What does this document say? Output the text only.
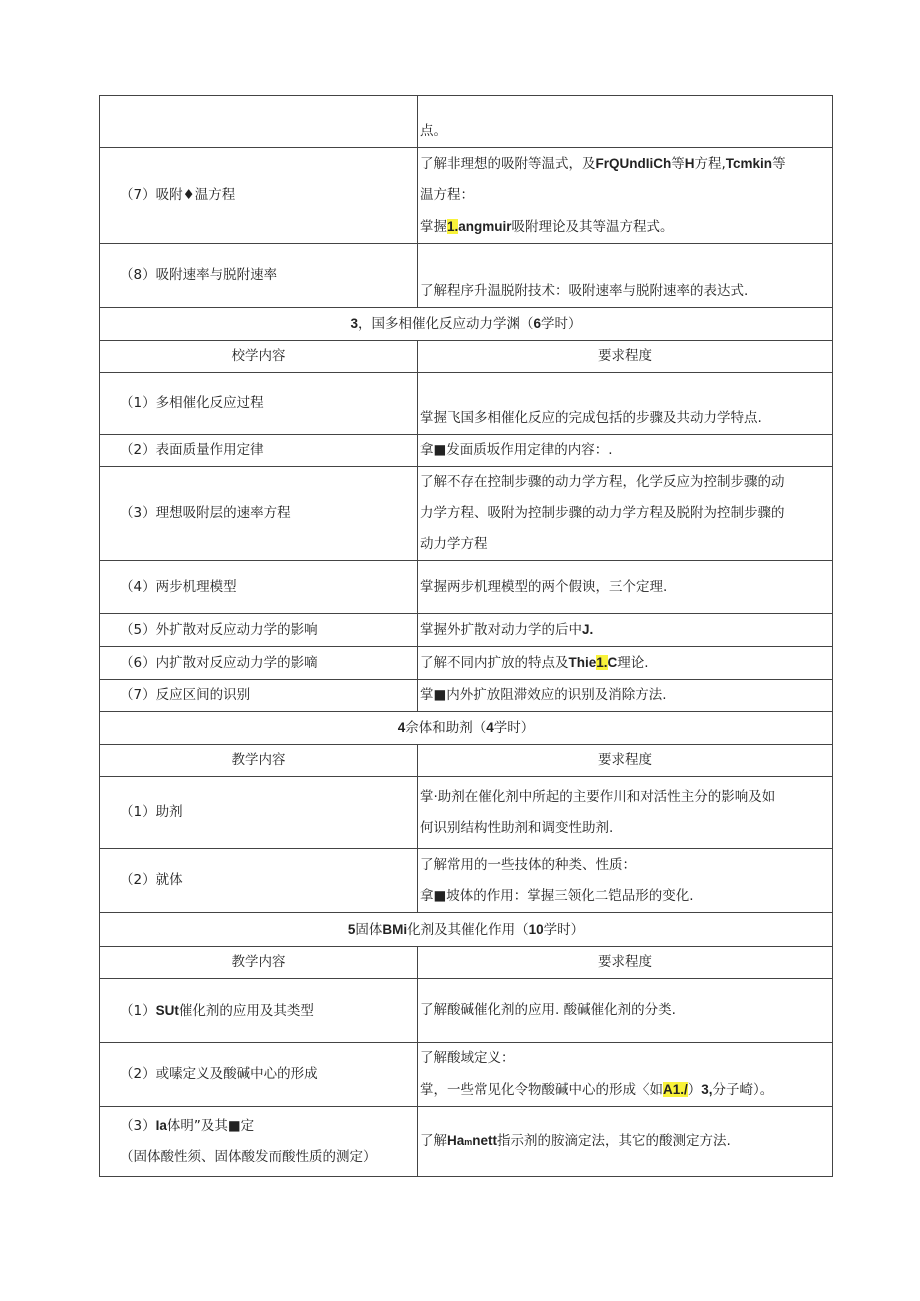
	点。
（7）吸附♦温方程	了解非理想的吸附等温式，及FrQUndIiCh等H方程,Tcmkin等
温方程：
掌握1.angmuir吸附理论及其等温方程式。

（8）吸附速率与脱附速率	了解程序升温脱附技术：吸附速率与脱附速率的表达式.
3，国多相催化反应动力学渊（6学时）	
校学内容	要求程度
（1）多相催化反应过程	掌握飞国多相催化反应的完成包括的步骤及共动力学特点.
（2）表面质量作用定律	拿■发面质坂作用定律的内容：.
（3）理想吸附层的速率方程	了解不存在控制步骤的动力学方程，化学反应为控制步骤的动
力学方程、吸附为控制步骤的动力学方程及脱附为控制步骤的
动力学方程

（4）两步机理模型	掌握两步机理模型的两个假谀，三个定理.
（5）外扩散对反应动力学的影响	掌握外扩散对动力学的后中J.
（6）内扩散对反应动力学的影嘀	了解不同内扩放的特点及Thie1.C理论.
（7）反应区间的识别	掌■内外扩放阻滞效应的识别及消除方法.
4佘体和助剂（4学时）	
教学内容	要求程度
（1）助剂	掌·助剂在催化剂中所起的主要作川和对活性主分的影响及如
何识别结构性助剂和调变性助剂.

（2）就体	了解常用的一些技体的种类、性质：
拿■坡体的作用：掌握三领化二铠品形的变化.

5固体BMi化剂及其催化作用（10学时）	
教学内容	要求程度
（1）SUt催化剂的应用及其类型	了解酸碱催化剂的应用. 酸碱催化剂的分类.
（2）或嗉定义及酸碱中心的形成	了解酸域定义：
掌，一些常见化令物酸碱中心的形成〈如A1./）3,分子崎）。

（3）Ia体明”及其■定
（固体酸性须、固体酸发而酸性质的测定）	了解Hamnett指示剂的胺滴定法，其它的酸测定方法.
